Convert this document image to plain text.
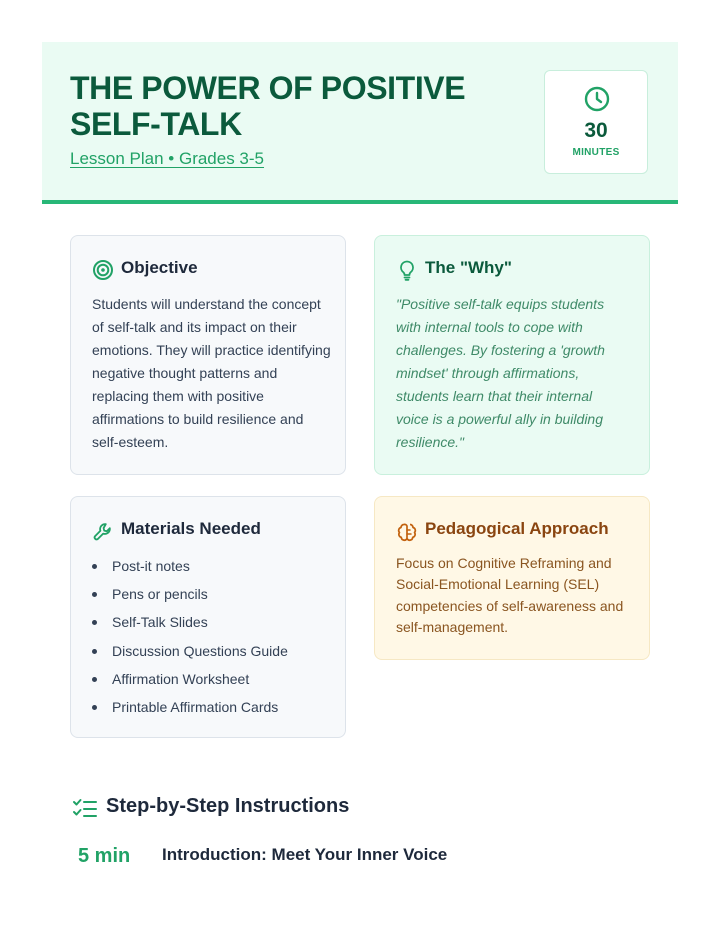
THE POWER OF POSITIVE SELF-TALK
Lesson Plan • Grades 3-5
30
MINUTES
Objective
Students will understand the concept of self-talk and its impact on their emotions. They will practice identifying negative thought patterns and replacing them with positive affirmations to build resilience and self-esteem.
The "Why"
"Positive self-talk equips students with internal tools to cope with challenges. By fostering a 'growth mindset' through affirmations, students learn that their internal voice is a powerful ally in building resilience."
Materials Needed
Post-it notes
Pens or pencils
Self-Talk Slides
Discussion Questions Guide
Affirmation Worksheet
Printable Affirmation Cards
Pedagogical Approach
Focus on Cognitive Reframing and Social-Emotional Learning (SEL) competencies of self-awareness and self-management.
Step-by-Step Instructions
5 min Introduction: Meet Your Inner Voice
